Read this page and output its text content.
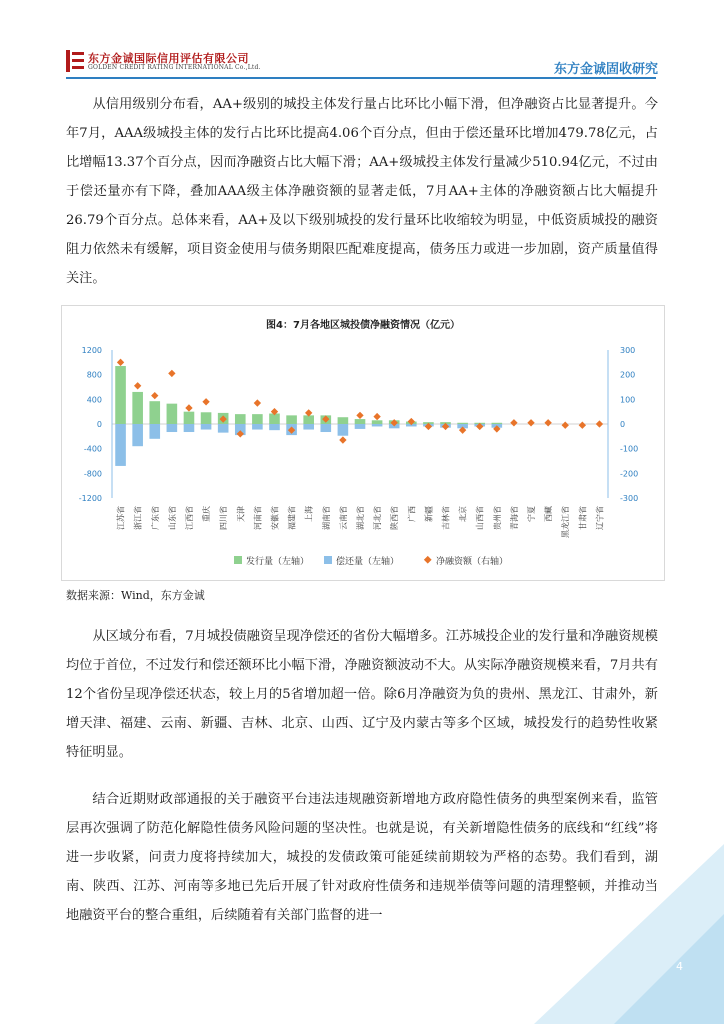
东方金诚国际信用评估有限公司
GOLDEN CREDIT RATING INTERNATIONAL Co.,Ltd.	东方金诚固收研究

从信用级别分布看，AA+级别的城投主体发行量占比环比小幅下滑，但净融资占比显著提升。今年7月，AAA级城投主体的发行占比环比提高4.06个百分点，但由于偿还量环比增加479.78亿元，占比增幅13.37个百分点，因而净融资占比大幅下滑；AA+级城投主体发行量减少510.94亿元，不过由于偿还量亦有下降，叠加AAA级主体净融资额的显著走低，7月AA+主体的净融资额占比大幅提升26.79个百分点。总体来看，AA+及以下级别城投的发行量环比收缩较为明显，中低资质城投的融资阻力依然未有缓解，项目资金使用与债务期限匹配难度提高，债务压力或进一步加剧，资产质量值得关注。

图4：7月各地区城投债净融资情况（亿元）
1200
800
400
0
-400
-800
-1200
300
200
100
0
-100
-200
-300
江苏省 浙江省 广东省 山东省 江西省 重庆 四川省 天津 河南省 安徽省 福建省 上海 湖南省 云南省 湖北省 河北省 陕西省 广西 新疆 吉林省 北京 山西省 贵州省 青海省 宁夏 西藏 黑龙江省 甘肃省 辽宁省
发行量（左轴）	偿还量（左轴）	净融资额（右轴）
数据来源：Wind，东方金诚

从区域分布看，7月城投债融资呈现净偿还的省份大幅增多。江苏城投企业的发行量和净融资规模均位于首位，不过发行和偿还额环比小幅下滑，净融资额波动不大。从实际净融资规模来看，7月共有12个省份呈现净偿还状态，较上月的5省增加超一倍。除6月净融资为负的贵州、黑龙江、甘肃外，新增天津、福建、云南、新疆、吉林、北京、山西、辽宁及内蒙古等多个区域，城投发行的趋势性收紧特征明显。

结合近期财政部通报的关于融资平台违法违规融资新增地方政府隐性债务的典型案例来看，监管层再次强调了防范化解隐性债务风险问题的坚决性。也就是说，有关新增隐性债务的底线和“红线”将进一步收紧，问责力度将持续加大，城投的发债政策可能延续前期较为严格的态势。我们看到，湖南、陕西、江苏、河南等多地已先后开展了针对政府性债务和违规举债等问题的清理整顿，并推动当地融资平台的整合重组，后续随着有关部门监督的进一

4
